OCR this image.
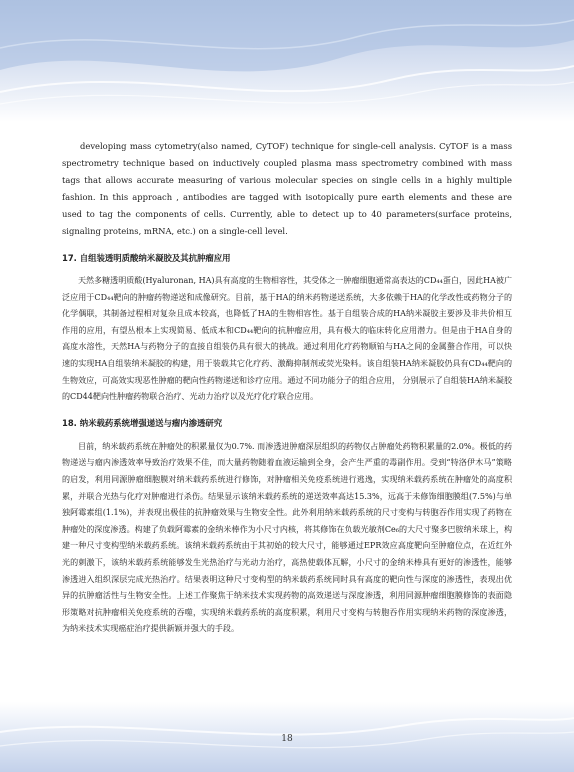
developing mass cytometry(also named, CyTOF) technique for single-cell analysis. CyTOF is a mass spectrometry technique based on inductively coupled plasma mass spectrometry combined with mass tags that allows accurate measuring of various molecular species on single cells in a highly multiple fashion. In this approach , antibodies are tagged with isotopically pure earth elements and these are used to tag the components of cells. Currently, able to detect up to 40 parameters(surface proteins, signaling proteins, mRNA, etc.) on a single-cell level.

17. 自组装透明质酸纳米凝胶及其抗肿瘤应用

天然多糖透明质酸(Hyaluronan, HA)具有高度的生物相容性，其受体之一肿瘤细胞通常高表达的CD₄₄蛋白，因此HA被广泛应用于CD₄₄靶向的肿瘤药物递送和成像研究。目前，基于HA的纳米药物递送系统，大多依赖于HA的化学改性或药物分子的化学偶联，其制备过程相对复杂且成本较高，也降低了HA的生物相容性。基于自组装合成的HA纳米凝胶主要涉及非共价相互作用的应用，有望丛根本上实现简易、低成本和CD₄₄靶向的抗肿瘤应用，具有极大的临床转化应用潜力。但是由于HA自身的高度水溶性，天然HA与药物分子的直接自组装仍具有很大的挑战。通过利用化疗药物顺铂与HA之间的金属螯合作用，可以快速的实现HA自组装纳米凝胶的构建，用于装载其它化疗药、激酶抑制剂或荧光染料。该自组装HA纳米凝胶仍具有CD₄₄靶向的生物效应，可高效实现恶性肿瘤的靶向性药物递送和诊疗应用。通过不同功能分子的组合应用， 分别展示了自组装HA纳米凝胶的CD44靶向性肿瘤药物联合治疗、光动力治疗以及光疗化疗联合应用。

18. 纳米载药系统增强递送与瘤内渗透研究

目前，纳米载药系统在肿瘤处的积累量仅为0.7%. 而渗透进肿瘤深层组织的药物仅占肿瘤处药物积累量的2.0%。极低的药物递送与瘤内渗透效率导致治疗效果不佳，而大量药物随着血液运输到全身，会产生严重的毒副作用。受到“特洛伊木马”策略的启发，利用同源肿瘤细胞膜对纳米载药系统进行修饰，对肿瘤相关免疫系统进行逃逸，实现纳米载药系统在肿瘤处的高度积累，并联合光热与化疗对肿瘤进行杀伤。结果显示该纳米载药系统的递送效率高达15.3%，远高于未修饰细胞膜组(7.5%)与单独阿霉素组(1.1%)，并表现出极佳的抗肿瘤效果与生物安全性。此外利用纳米载药系统的尺寸变构与转胞吞作用实现了药物在肿瘤处的深度渗透。构建了负载阿霉素的金纳米棒作为小尺寸内核，将其修饰在负载光敏剂Ce₆的大尺寸聚多巴胺纳米球上，构建一种尺寸变构型纳米载药系统。该纳米载药系统由于其初始的较大尺寸，能够通过EPR效应高度靶向至肿瘤位点，在近红外光的刺激下，该纳米载药系统能够发生光热治疗与光动力治疗，高热使载体瓦解，小尺寸的金纳米棒具有更好的渗透性，能够渗透进入组织深层完成光热治疗。结果表明这种尺寸变构型的纳米载药系统同时具有高度的靶向性与深度的渗透性，表现出优异的抗肿瘤活性与生物安全性。上述工作聚焦于纳米技术实现药物的高效递送与深度渗透，利用同源肿瘤细胞膜修饰的表面隐形策略对抗肿瘤相关免疫系统的吞噬，实现纳米载药系统的高度积累，利用尺寸变构与转胞吞作用实现纳米药物的深度渗透，为纳米技术实现癌症治疗提供新颖并强大的手段。

18
